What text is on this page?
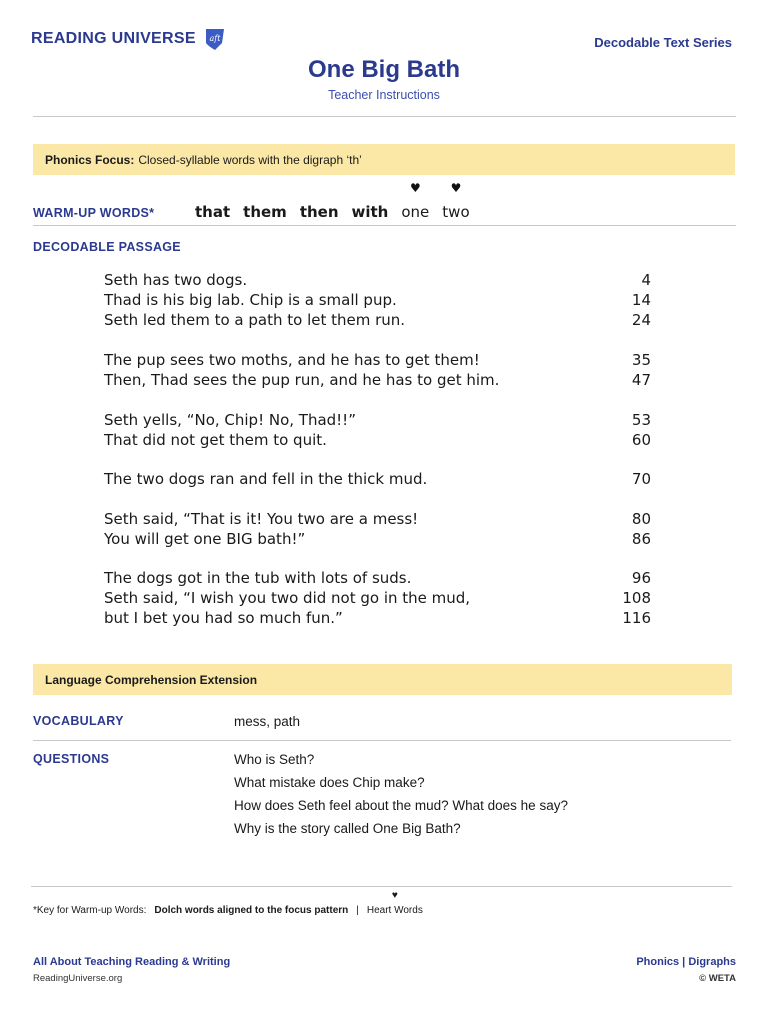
READING UNIVERSE aft	Decodable Text Series
One Big Bath
Teacher Instructions
Phonics Focus: Closed-syllable words with the digraph ‘th’
WARM-UP WORDS*	that them then with
♥
one
♥
two
DECODABLE PASSAGE
Seth has two dogs.	4
Thad is his big lab. Chip is a small pup.	14
Seth led them to a path to let them run.	24
The pup sees two moths, and he has to get them!	35
Then, Thad sees the pup run, and he has to get him.	47
Seth yells, “No, Chip! No, Thad!!”	53
That did not get them to quit.	60
The two dogs ran and fell in the thick mud.	70
Seth said, “That is it! You two are a mess!	80
You will get one BIG bath!”	86
The dogs got in the tub with lots of suds.	96
Seth said, “I wish you two did not go in the mud,	108
but I bet you had so much fun.”	116
Language Comprehension Extension
VOCABULARY	mess, path
QUESTIONS	Who is Seth?
What mistake does Chip make?
How does Seth feel about the mud? What does he say?
Why is the story called One Big Bath?
*Key for Warm-up Words: Dolch words aligned to the focus pattern |
♥
Heart Words
All About Teaching Reading & Writing
ReadingUniverse.org
Phonics | Digraphs
© WETA
